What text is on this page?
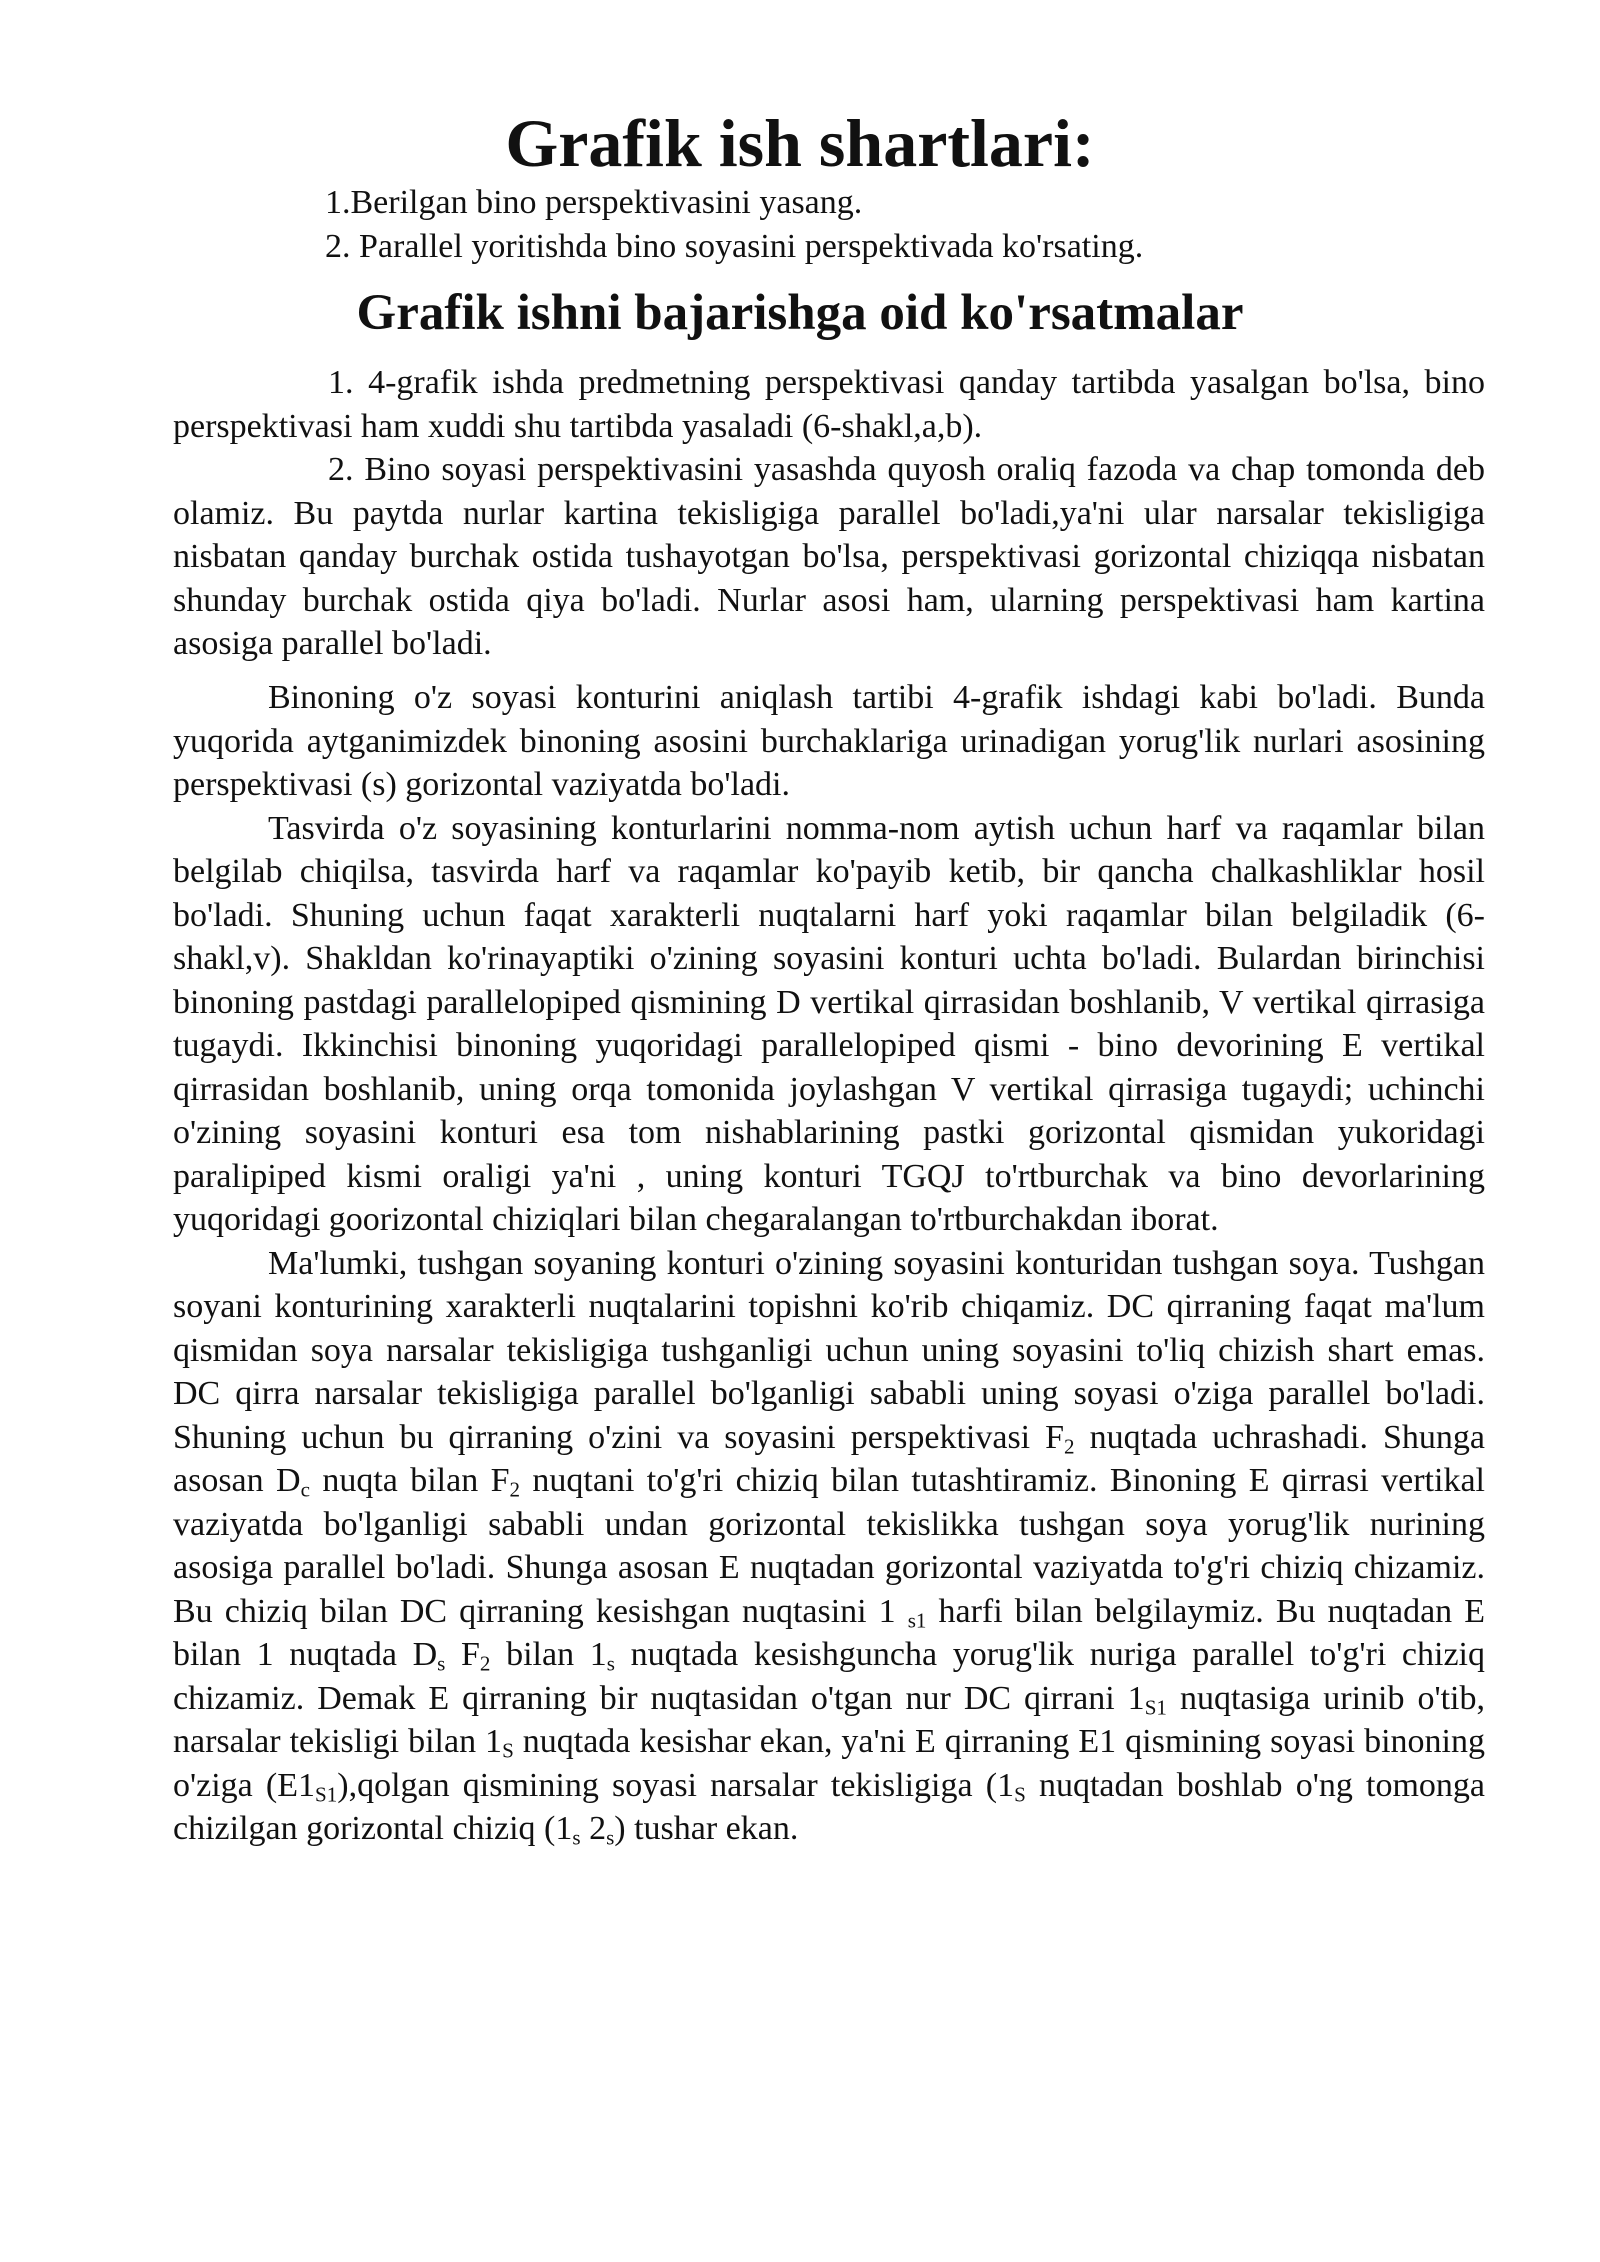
Grafik ish shartlari:
1.Berilgan bino perspektivasini yasang.
2. Parallel yoritishda bino soyasini perspektivada ko'rsating.
Grafik ishni bajarishga oid ko'rsatmalar

1. 4-grafik ishda predmetning perspektivasi qanday tartibda yasalgan bo'lsa, bino perspektivasi ham xuddi shu tartibda yasaladi (6-shakl,a,b).

2. Bino soyasi perspektivasini yasashda quyosh oraliq fazoda va chap tomonda deb olamiz. Bu paytda nurlar kartina tekisligiga parallel bo'ladi,ya'ni ular narsalar tekisligiga nisbatan qanday burchak ostida tushayotgan bo'lsa, perspektivasi gorizontal chiziqqa nisbatan shunday burchak ostida qiya bo'ladi. Nurlar asosi ham, ularning perspektivasi ham kartina asosiga parallel bo'ladi.

Binoning o'z soyasi konturini aniqlash tartibi 4-grafik ishdagi kabi bo'ladi. Bunda yuqorida aytganimizdek binoning asosini burchaklariga urinadigan yorug'lik nurlari asosining perspektivasi (s) gorizontal vaziyatda bo'ladi.

Tasvirda o'z soyasining konturlarini nomma-nom aytish uchun harf va raqamlar bilan belgilab chiqilsa, tasvirda harf va raqamlar ko'payib ketib, bir qancha chalkashliklar hosil bo'ladi. Shuning uchun faqat xarakterli nuqtalarni harf yoki raqamlar bilan belgiladik (6-shakl,v). Shakldan ko'rinayaptiki o'zining soyasini konturi uchta bo'ladi. Bulardan birinchisi binoning pastdagi parallelopiped qismining D vertikal qirrasidan boshlanib, V vertikal qirrasiga tugaydi. Ikkinchisi binoning yuqoridagi parallelopiped qismi - bino devorining E vertikal qirrasidan boshlanib, uning orqa tomonida joylashgan V vertikal qirrasiga tugaydi; uchinchi o'zining soyasini konturi esa tom nishablarining pastki gorizontal qismidan yukoridagi paralipiped kismi oraligi ya'ni , uning konturi TGQJ to'rtburchak va bino devorlarining yuqoridagi goorizontal chiziqlari bilan chegaralangan to'rtburchakdan iborat.

Ma'lumki, tushgan soyaning konturi o'zining soyasini konturidan tushgan soya. Tushgan soyani konturining xarakterli nuqtalarini topishni ko'rib chiqamiz. DC qirraning faqat ma'lum qismidan soya narsalar tekisligiga tushganligi uchun uning soyasini to'liq chizish shart emas. DC qirra narsalar tekisligiga parallel bo'lganligi sababli uning soyasi o'ziga parallel bo'ladi. Shuning uchun bu qirraning o'zini va soyasini perspektivasi $F_2$ nuqtada uchrashadi. Shunga asosan $D_c$ nuqta bilan $F_2$ nuqtani to'g'ri chiziq bilan tutashtiramiz. Binoning E qirrasi vertikal vaziyatda bo'lganligi sababli undan gorizontal tekislikka tushgan soya yorug'lik nurining asosiga parallel bo'ladi. Shunga asosan E nuqtadan gorizontal vaziyatda to'g'ri chiziq chizamiz. Bu chiziq bilan DC qirraning kesishgan nuqtasini 1 $_{s1}$ harfi bilan belgilaymiz. Bu nuqtadan E bilan 1 nuqtada $D_s$ $F_2$ bilan $1_s$ nuqtada kesishguncha yorug'lik nuriga parallel to'g'ri chiziq chizamiz. Demak E qirraning bir nuqtasidan o'tgan nur DC qirrani $1_{S1}$ nuqtasiga urinib o'tib, narsalar tekisligi bilan $1_S$ nuqtada kesishar ekan, ya'ni E qirraning E1 qismining soyasi binoning o'ziga $(E1_{S1}),qolgan$ qismining soyasi narsalar tekisligiga ($1_S$ nuqtadan boshlab o'ng tomonga chizilgan gorizontal chiziq ($1_s$ $2_s$) tushar ekan.
